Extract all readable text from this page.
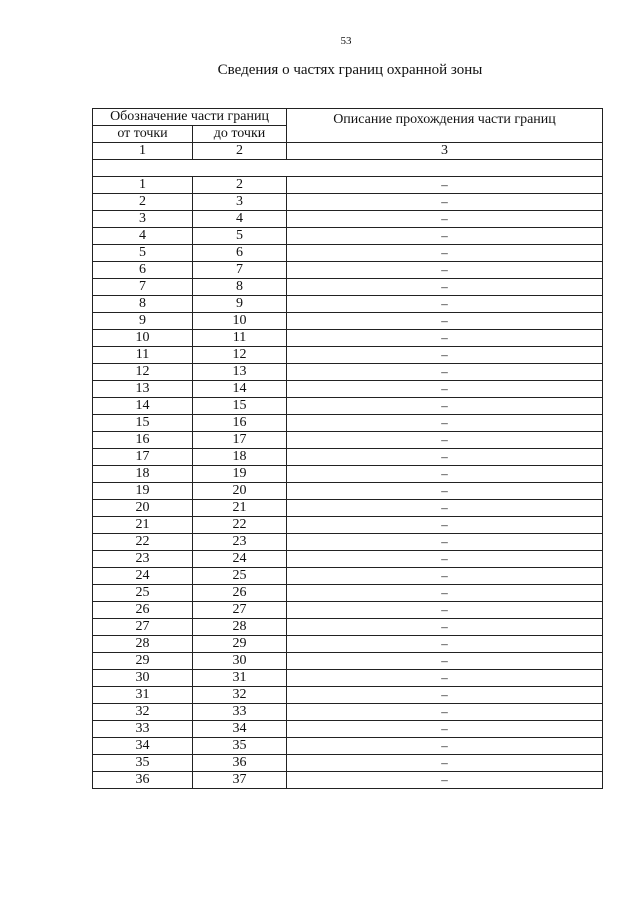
53
Сведения о частях границ охранной зоны
Обозначение части границ		Описание прохождения части границ
от точки	до точки	
1	2	3

1	2	–
2	3	–
3	4	–
4	5	–
5	6	–
6	7	–
7	8	–
8	9	–
9	10	–
10	11	–
11	12	–
12	13	–
13	14	–
14	15	–
15	16	–
16	17	–
17	18	–
18	19	–
19	20	–
20	21	–
21	22	–
22	23	–
23	24	–
24	25	–
25	26	–
26	27	–
27	28	–
28	29	–
29	30	–
30	31	–
31	32	–
32	33	–
33	34	–
34	35	–
35	36	–
36	37	–
